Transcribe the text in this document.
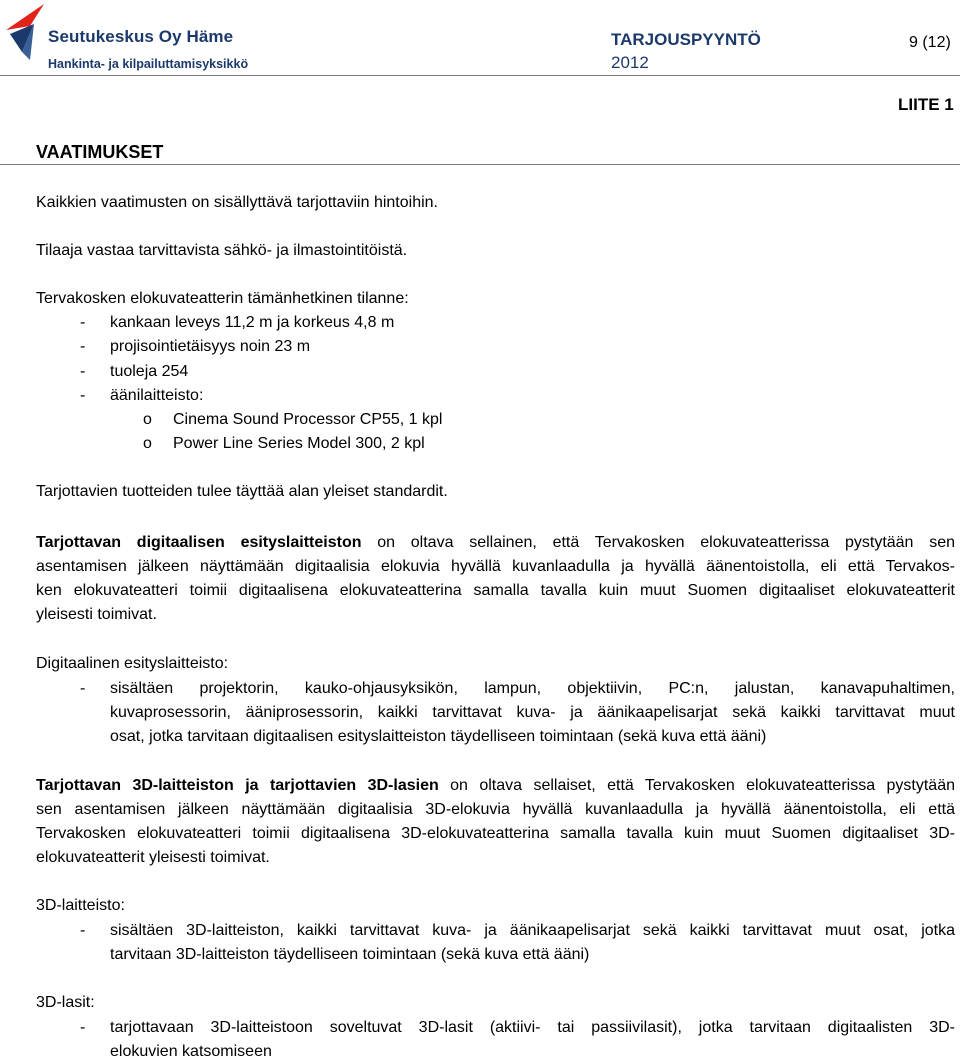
Seutukeskus Oy Häme
Hankinta- ja kilpailuttamisyksikkö
TARJOUSPYYNTÖ
2012
9 (12)
LIITE 1
VAATIMUKSET
Kaikkien vaatimusten on sisällyttävä tarjottaviin hintoihin.
Tilaaja vastaa tarvittavista sähkö- ja ilmastointitöistä.
Tervakosken elokuvateatterin tämänhetkinen tilanne:
- kankaan leveys 11,2 m ja korkeus 4,8 m
- projisointietäisyys noin 23 m
- tuoleja 254
- äänilaitteisto:
o Cinema Sound Processor CP55, 1 kpl
o Power Line Series Model 300, 2 kpl
Tarjottavien tuotteiden tulee täyttää alan yleiset standardit.
Tarjottavan digitaalisen esityslaitteiston on oltava sellainen, että Tervakosken elokuvateatterissa pystytään sen
asentamisen jälkeen näyttämään digitaalisia elokuvia hyvällä kuvanlaadulla ja hyvällä äänentoistolla, eli että Tervakos-
ken elokuvateatteri toimii digitaalisena elokuvateatterina samalla tavalla kuin muut Suomen digitaaliset elokuvateatterit
yleisesti toimivat.
Digitaalinen esityslaitteisto:
- sisältäen projektorin, kauko-ohjausyksikön, lampun, objektiivin, PC:n, jalustan, kanavapuhaltimen,
kuvaprosessorin, ääniprosessorin, kaikki tarvittavat kuva- ja äänikaapelisarjat sekä kaikki tarvittavat muut
osat, jotka tarvitaan digitaalisen esityslaitteiston täydelliseen toimintaan (sekä kuva että ääni)
Tarjottavan 3D-laitteiston ja tarjottavien 3D-lasien on oltava sellaiset, että Tervakosken elokuvateatterissa pystytään
sen asentamisen jälkeen näyttämään digitaalisia 3D-elokuvia hyvällä kuvanlaadulla ja hyvällä äänentoistolla, eli että
Tervakosken elokuvateatteri toimii digitaalisena 3D-elokuvateatterina samalla tavalla kuin muut Suomen digitaaliset 3D-
elokuvateatterit yleisesti toimivat.
3D-laitteisto:
- sisältäen 3D-laitteiston, kaikki tarvittavat kuva- ja äänikaapelisarjat sekä kaikki tarvittavat muut osat, jotka
tarvitaan 3D-laitteiston täydelliseen toimintaan (sekä kuva että ääni)
3D-lasit:
- tarjottavaan 3D-laitteistoon soveltuvat 3D-lasit (aktiivi- tai passiivilasit), jotka tarvitaan digitaalisten 3D-
elokuvien katsomiseen
